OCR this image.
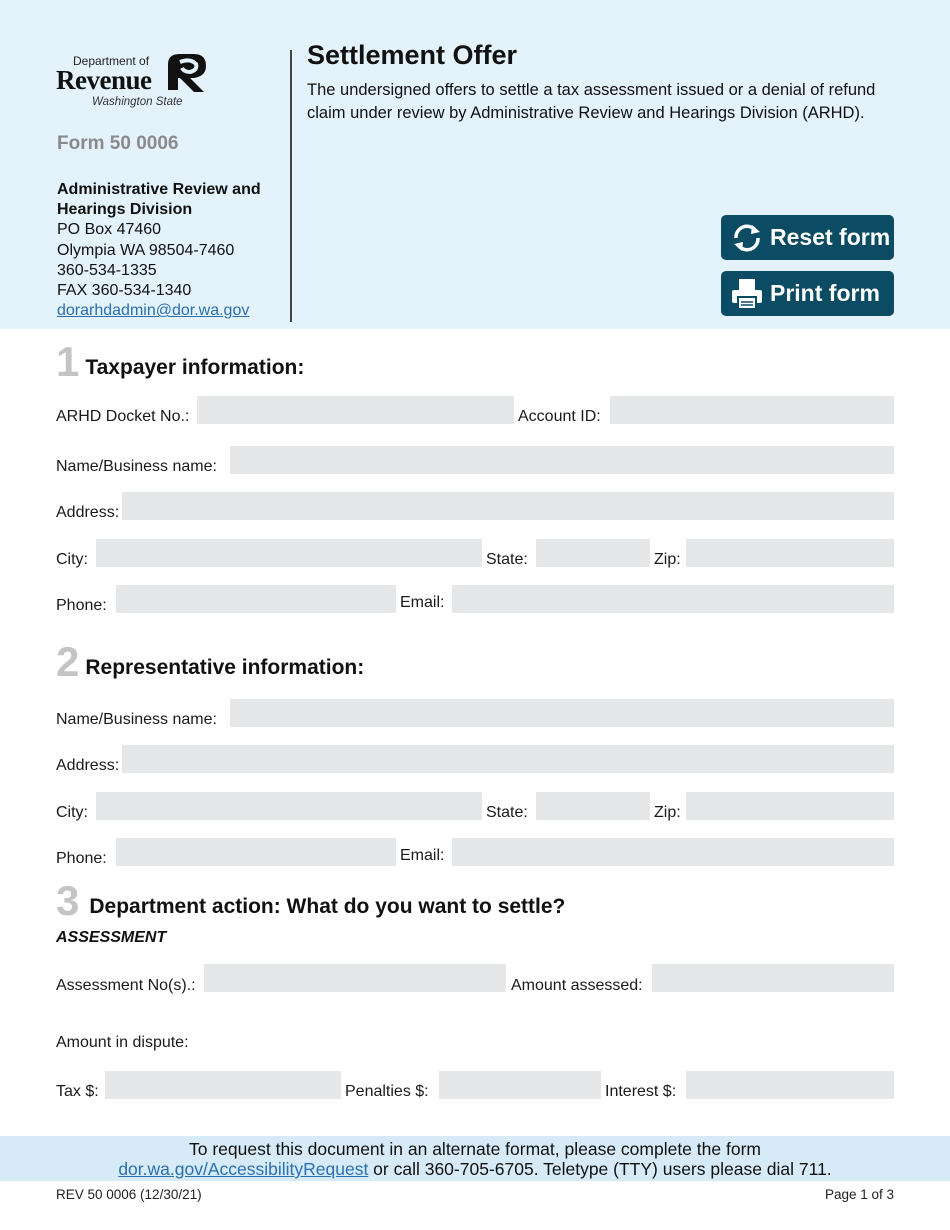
Department of
Revenue
Washington State
Form 50 0006
Administrative Review and Hearings Division
PO Box 47460
Olympia WA 98504-7460
360-534-1335
FAX 360-534-1340
dorarhdadmin@dor.wa.gov
Settlement Offer
The undersigned offers to settle a tax assessment issued or a denial of refund claim under review by Administrative Review and Hearings Division (ARHD).
Reset form
Print form
1 Taxpayer information:
ARHD Docket No.:	Account ID:
Name/Business name:
Address:
City:	State:	Zip:
Phone:	Email:
2 Representative information:
Name/Business name:
Address:
City:	State:	Zip:
Phone:	Email:
3 Department action: What do you want to settle?
ASSESSMENT
Assessment No(s).:	Amount assessed:
Amount in dispute:
Tax $:	Penalties $:	Interest $:
To request this document in an alternate format, please complete the form
dor.wa.gov/AccessibilityRequest or call 360-705-6705. Teletype (TTY) users please dial 711.
REV 50 0006 (12/30/21)	Page 1 of 3
